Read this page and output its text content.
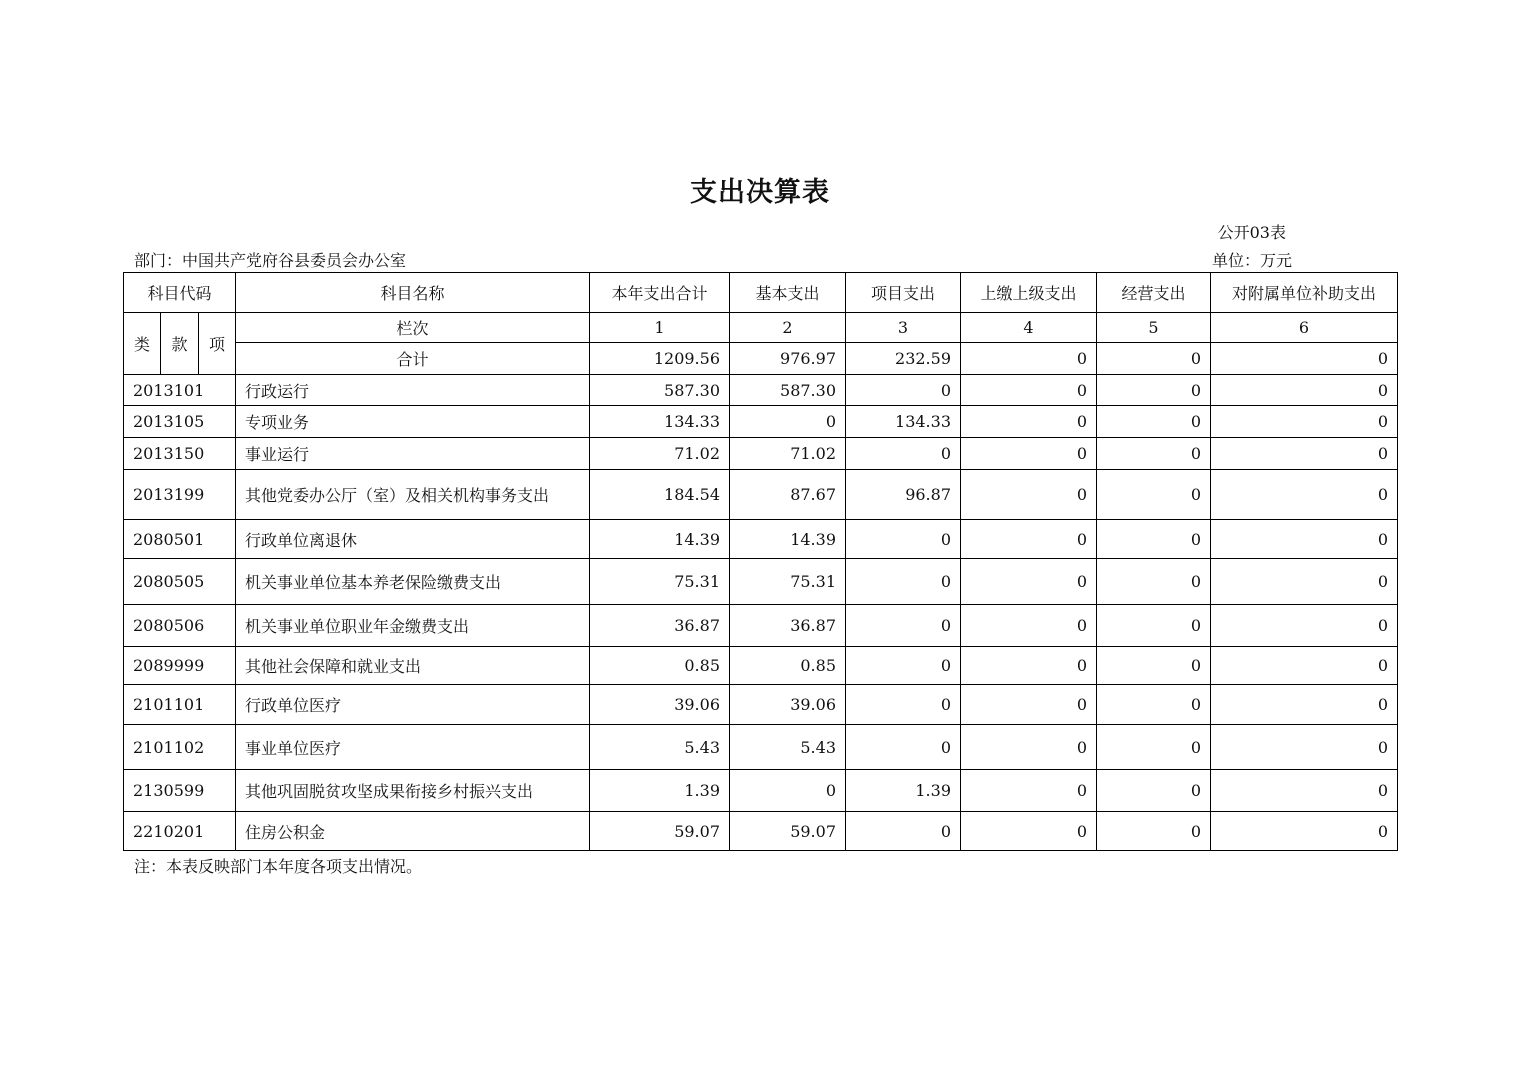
支出决算表
公开03表
部门：中国共产党府谷县委员会办公室	单位：万元
科目代码			科目名称	本年支出合计	基本支出	项目支出	上缴上级支出	经营支出	对附属单位补助支出
类	款	项	栏次	1	2	3	4	5	6
			合计	1209.56	976.97	232.59	0	0	0
2013101			行政运行	587.30	587.30	0	0	0	0
2013105			专项业务	134.33	0	134.33	0	0	0
2013150			事业运行	71.02	71.02	0	0	0	0
2013199			其他党委办公厅（室）及相关机构事务支出	184.54	87.67	96.87	0	0	0
2080501			行政单位离退休	14.39	14.39	0	0	0	0
2080505			机关事业单位基本养老保险缴费支出	75.31	75.31	0	0	0	0
2080506			机关事业单位职业年金缴费支出	36.87	36.87	0	0	0	0
2089999			其他社会保障和就业支出	0.85	0.85	0	0	0	0
2101101			行政单位医疗	39.06	39.06	0	0	0	0
2101102			事业单位医疗	5.43	5.43	0	0	0	0
2130599			其他巩固脱贫攻坚成果衔接乡村振兴支出	1.39	0	1.39	0	0	0
2210201			住房公积金	59.07	59.07	0	0	0	0
注：本表反映部门本年度各项支出情况。
